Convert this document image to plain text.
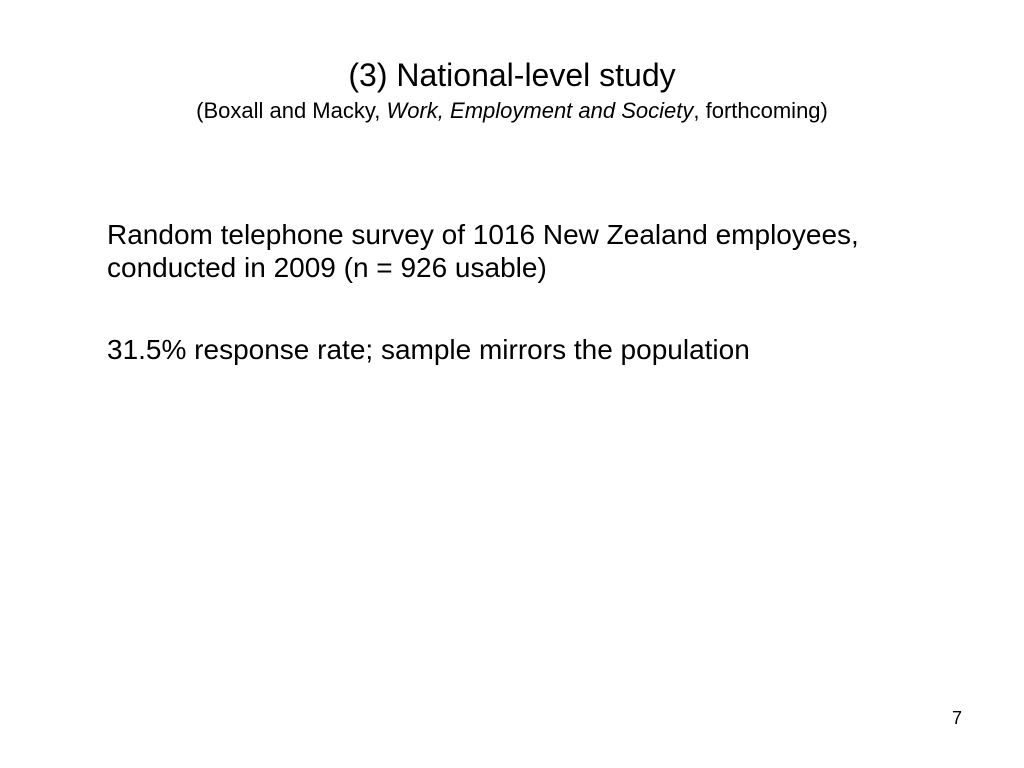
(3) National-level study

(Boxall and Macky, Work, Employment and Society, forthcoming)

Random telephone survey of 1016 New Zealand employees, conducted in 2009 (n = 926 usable)

31.5% response rate; sample mirrors the population

7
